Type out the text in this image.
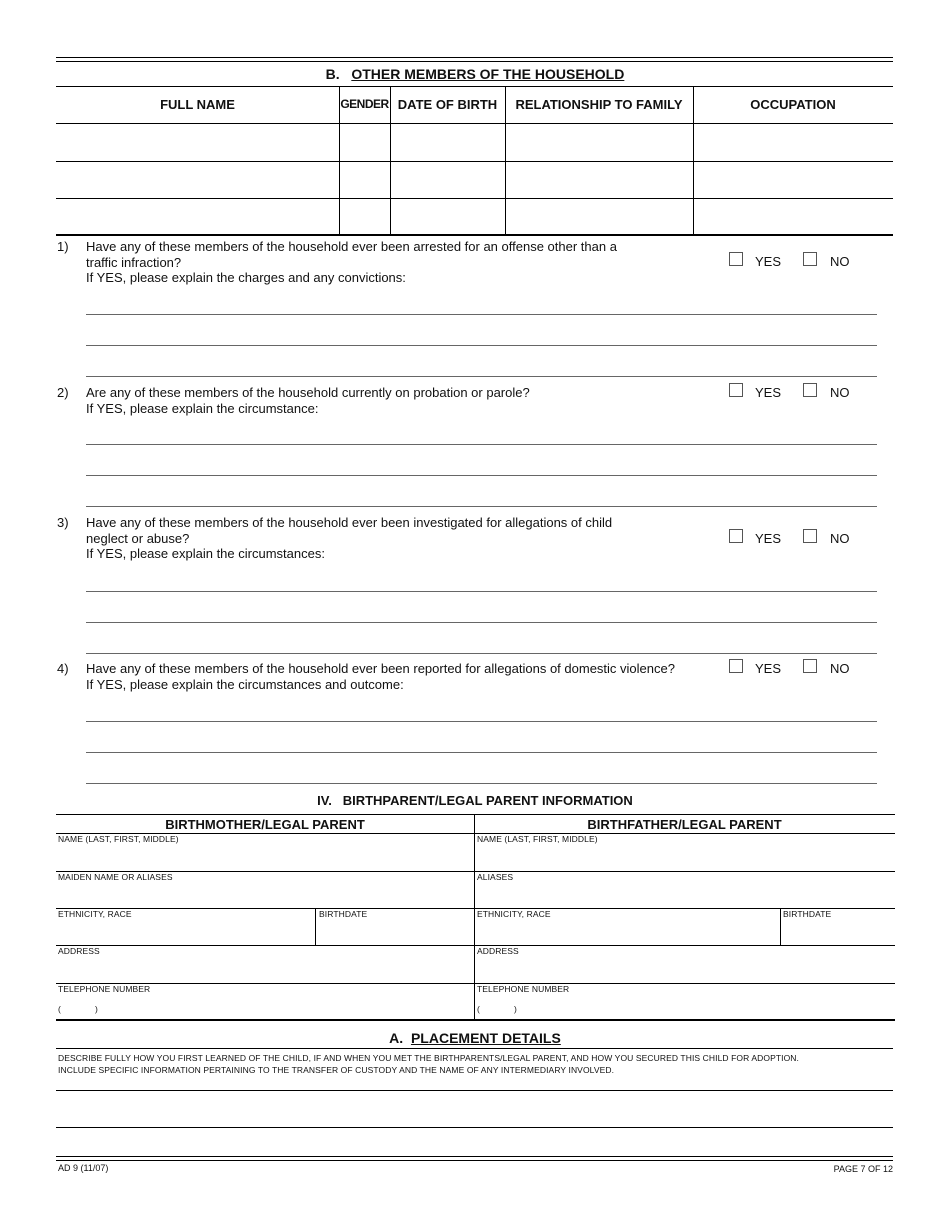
B. OTHER MEMBERS OF THE HOUSEHOLD
FULL NAME	GENDER DATE OF BIRTH	RELATIONSHIP TO FAMILY	OCCUPATION
1) Have any of these members of the household ever been arrested for an offense other than a
traffic infraction?
If YES, please explain the charges and any convictions:
YES	NO
2) Are any of these members of the household currently on probation or parole?
If YES, please explain the circumstance:
YES	NO
3) Have any of these members of the household ever been investigated for allegations of child
neglect or abuse?
If YES, please explain the circumstances:
YES	NO
4) Have any of these members of the household ever been reported for allegations of domestic violence?
If YES, please explain the circumstances and outcome:
YES	NO
IV. BIRTHPARENT/LEGAL PARENT INFORMATION
BIRTHMOTHER/LEGAL PARENT	BIRTHFATHER/LEGAL PARENT
NAME (LAST, FIRST, MIDDLE)
MAIDEN NAME OR ALIASES
ETHNICITY, RACE	BIRTHDATE
ADDRESS
TELEPHONE NUMBER
(	)
NAME (LAST, FIRST, MIDDLE)
ALIASES
ETHNICITY, RACE	BIRTHDATE
ADDRESS
TELEPHONE NUMBER
(	)
A. PLACEMENT DETAILS
DESCRIBE FULLY HOW YOU FIRST LEARNED OF THE CHILD, IF AND WHEN YOU MET THE BIRTHPARENTS/LEGAL PARENT, AND HOW YOU SECURED THIS CHILD FOR ADOPTION.
INCLUDE SPECIFIC INFORMATION PERTAINING TO THE TRANSFER OF CUSTODY AND THE NAME OF ANY INTERMEDIARY INVOLVED.
AD 9 (11/07)	PAGE 7 OF 12
